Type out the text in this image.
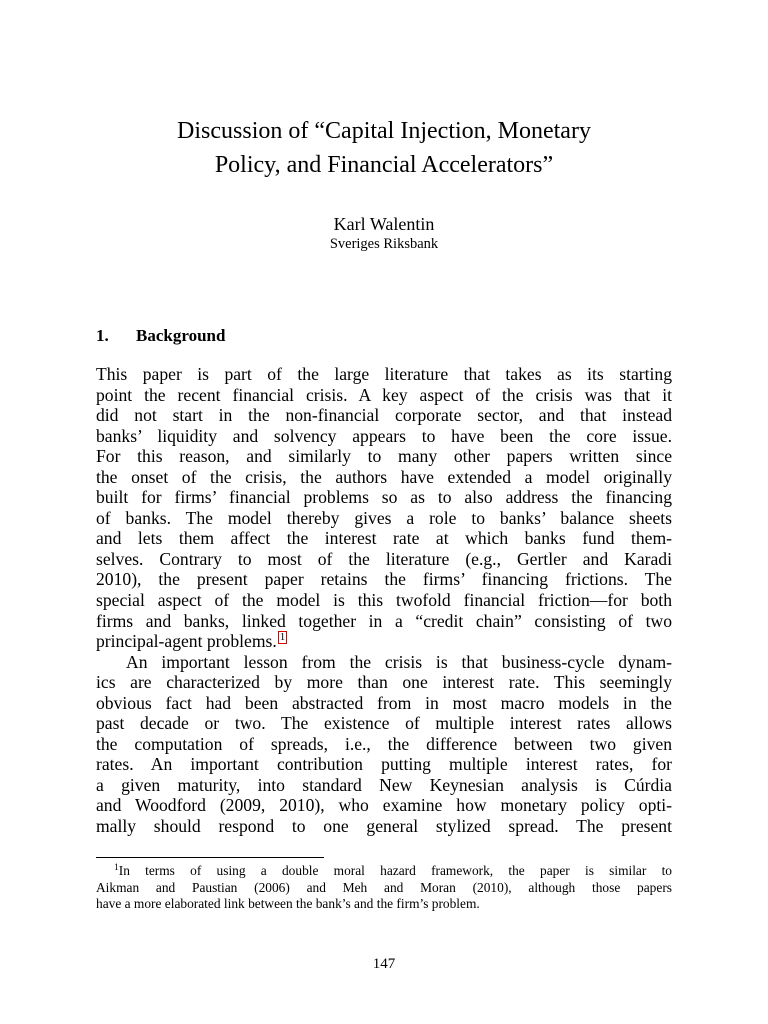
Discussion of “Capital Injection, Monetary
Policy, and Financial Accelerators”
Karl Walentin
Sveriges Riksbank
1. Background
This paper is part of the large literature that takes as its starting
point the recent financial crisis. A key aspect of the crisis was that it
did not start in the non-financial corporate sector, and that instead
banks’ liquidity and solvency appears to have been the core issue.
For this reason, and similarly to many other papers written since
the onset of the crisis, the authors have extended a model originally
built for firms’ financial problems so as to also address the financing
of banks. The model thereby gives a role to banks’ balance sheets
and lets them affect the interest rate at which banks fund them-
selves. Contrary to most of the literature (e.g., Gertler and Karadi
2010), the present paper retains the firms’ financing frictions. The
special aspect of the model is this twofold financial friction—for both
firms and banks, linked together in a “credit chain” consisting of two
principal-agent problems. 1
An important lesson from the crisis is that business-cycle dynam-
ics are characterized by more than one interest rate. This seemingly
obvious fact had been abstracted from in most macro models in the
past decade or two. The existence of multiple interest rates allows
the computation of spreads, i.e., the difference between two given
rates. An important contribution putting multiple interest rates, for
a given maturity, into standard New Keynesian analysis is Cúrdia
and Woodford (2009, 2010), who examine how monetary policy opti-
mally should respond to one general stylized spread. The present
$^1$In terms of using a double moral hazard framework, the paper is similar to
Aikman and Paustian (2006) and Meh and Moran (2010), although those papers
have a more elaborated link between the bank’s and the firm’s problem.
147
